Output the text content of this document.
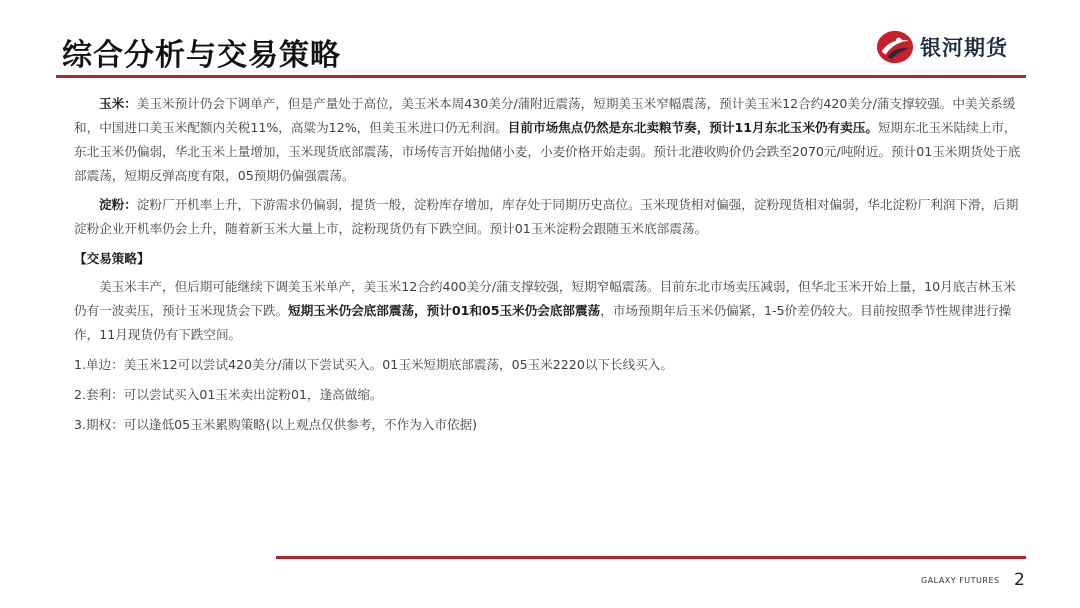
综合分析与交易策略	银河期货

玉米：美玉米预计仍会下调单产，但是产量处于高位，美玉米本周430美分/蒲附近震荡，短期美玉米窄幅震荡，预计美玉米12合约420美分/蒲支撑较强。中美关系缓和，中国进口美玉米配额内关税11%，高粱为12%，但美玉米进口仍无利润。目前市场焦点仍然是东北卖粮节奏，预计11月东北玉米仍有卖压。短期东北玉米陆续上市，东北玉米仍偏弱，华北玉米上量增加，玉米现货底部震荡，市场传言开始抛储小麦，小麦价格开始走弱。预计北港收购价仍会跌至2070元/吨附近。预计01玉米期货处于底部震荡，短期反弹高度有限，05预期仍偏强震荡。

淀粉：淀粉厂开机率上升，下游需求仍偏弱，提货一般，淀粉库存增加，库存处于同期历史高位。玉米现货相对偏强，淀粉现货相对偏弱，华北淀粉厂利润下滑，后期淀粉企业开机率仍会上升，随着新玉米大量上市，淀粉现货仍有下跌空间。预计01玉米淀粉会跟随玉米底部震荡。

【交易策略】

美玉米丰产，但后期可能继续下调美玉米单产，美玉米12合约400美分/蒲支撑较强，短期窄幅震荡。目前东北市场卖压减弱，但华北玉米开始上量，10月底吉林玉米仍有一波卖压，预计玉米现货会下跌。短期玉米仍会底部震荡，预计01和05玉米仍会底部震荡，市场预期年后玉米仍偏紧，1-5价差仍较大。目前按照季节性规律进行操作，11月现货仍有下跌空间。

1.单边：美玉米12可以尝试420美分/蒲以下尝试买入。01玉米短期底部震荡，05玉米2220以下长线买入。

2.套利：可以尝试买入01玉米卖出淀粉01，逢高做缩。

3.期权：可以逢低05玉米累购策略(以上观点仅供参考，不作为入市依据)

GALAXY FUTURES 2
